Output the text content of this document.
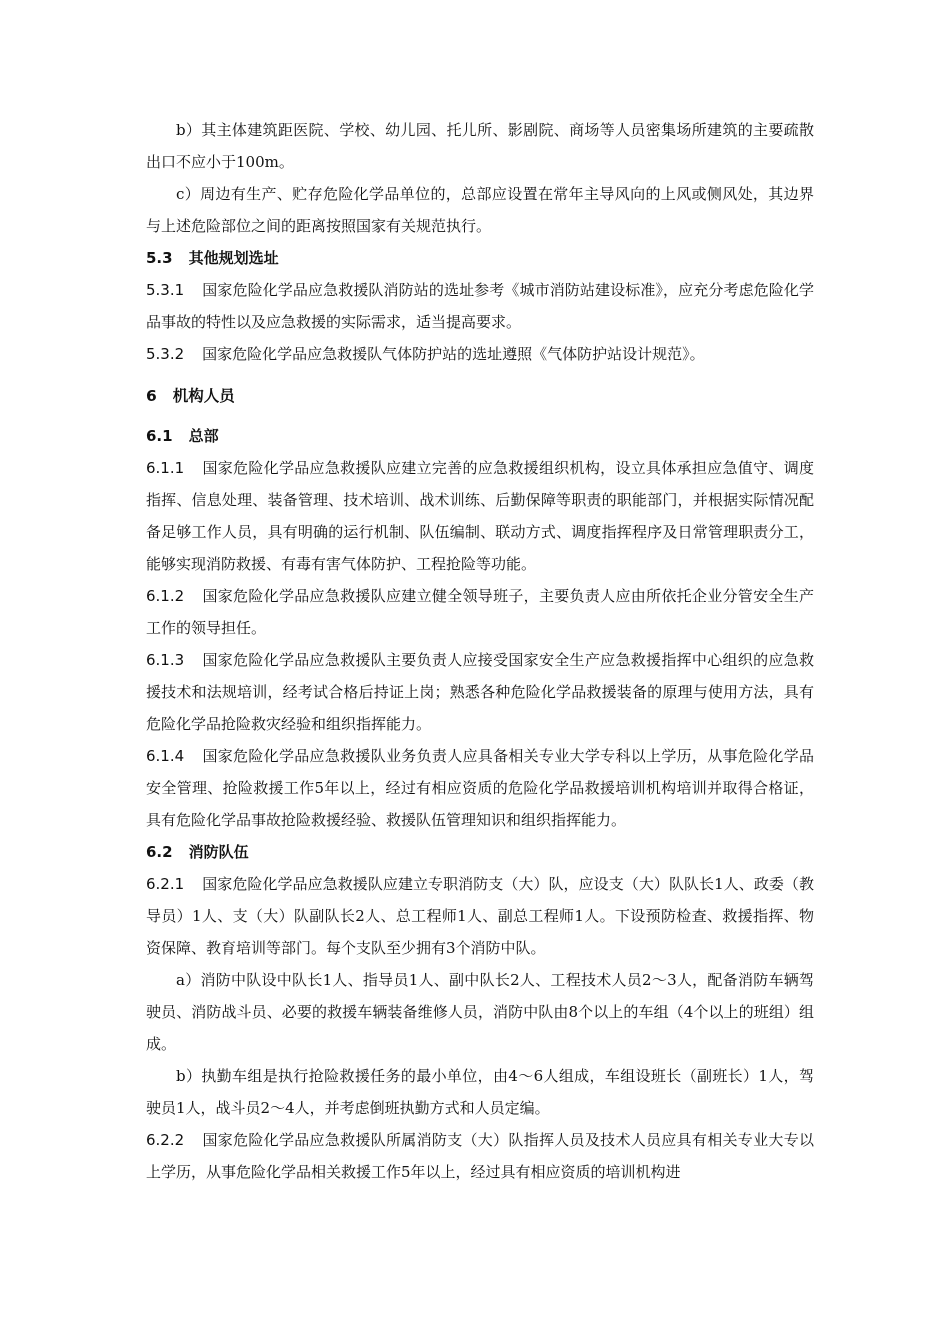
b）其主体建筑距医院、学校、幼儿园、托儿所、影剧院、商场等人员密集场所建筑的主要疏散出口不应小于100m。

c）周边有生产、贮存危险化学品单位的，总部应设置在常年主导风向的上风或侧风处，其边界与上述危险部位之间的距离按照国家有关规范执行。

5.3 其他规划选址

5.3.1 国家危险化学品应急救援队消防站的选址参考《城市消防站建设标准》，应充分考虑危险化学品事故的特性以及应急救援的实际需求，适当提高要求。

5.3.2 国家危险化学品应急救援队气体防护站的选址遵照《气体防护站设计规范》。

6 机构人员

6.1 总部

6.1.1 国家危险化学品应急救援队应建立完善的应急救援组织机构，设立具体承担应急值守、调度指挥、信息处理、装备管理、技术培训、战术训练、后勤保障等职责的职能部门，并根据实际情况配备足够工作人员，具有明确的运行机制、队伍编制、联动方式、调度指挥程序及日常管理职责分工，能够实现消防救援、有毒有害气体防护、工程抢险等功能。

6.1.2 国家危险化学品应急救援队应建立健全领导班子，主要负责人应由所依托企业分管安全生产工作的领导担任。

6.1.3 国家危险化学品应急救援队主要负责人应接受国家安全生产应急救援指挥中心组织的应急救援技术和法规培训，经考试合格后持证上岗；熟悉各种危险化学品救援装备的原理与使用方法，具有危险化学品抢险救灾经验和组织指挥能力。

6.1.4 国家危险化学品应急救援队业务负责人应具备相关专业大学专科以上学历，从事危险化学品安全管理、抢险救援工作5年以上，经过有相应资质的危险化学品救援培训机构培训并取得合格证，具有危险化学品事故抢险救援经验、救援队伍管理知识和组织指挥能力。

6.2 消防队伍

6.2.1 国家危险化学品应急救援队应建立专职消防支（大）队，应设支（大）队队长1人、政委（教导员）1人、支（大）队副队长2人、总工程师1人、副总工程师1人。下设预防检查、救援指挥、物资保障、教育培训等部门。每个支队至少拥有3个消防中队。

a）消防中队设中队长1人、指导员1人、副中队长2人、工程技术人员2～3人，配备消防车辆驾驶员、消防战斗员、必要的救援车辆装备维修人员，消防中队由8个以上的车组（4个以上的班组）组成。

b）执勤车组是执行抢险救援任务的最小单位，由4～6人组成，车组设班长（副班长）1人，驾驶员1人，战斗员2～4人，并考虑倒班执勤方式和人员定编。

6.2.2 国家危险化学品应急救援队所属消防支（大）队指挥人员及技术人员应具有相关专业大专以上学历，从事危险化学品相关救援工作5年以上，经过具有相应资质的培训机构进
